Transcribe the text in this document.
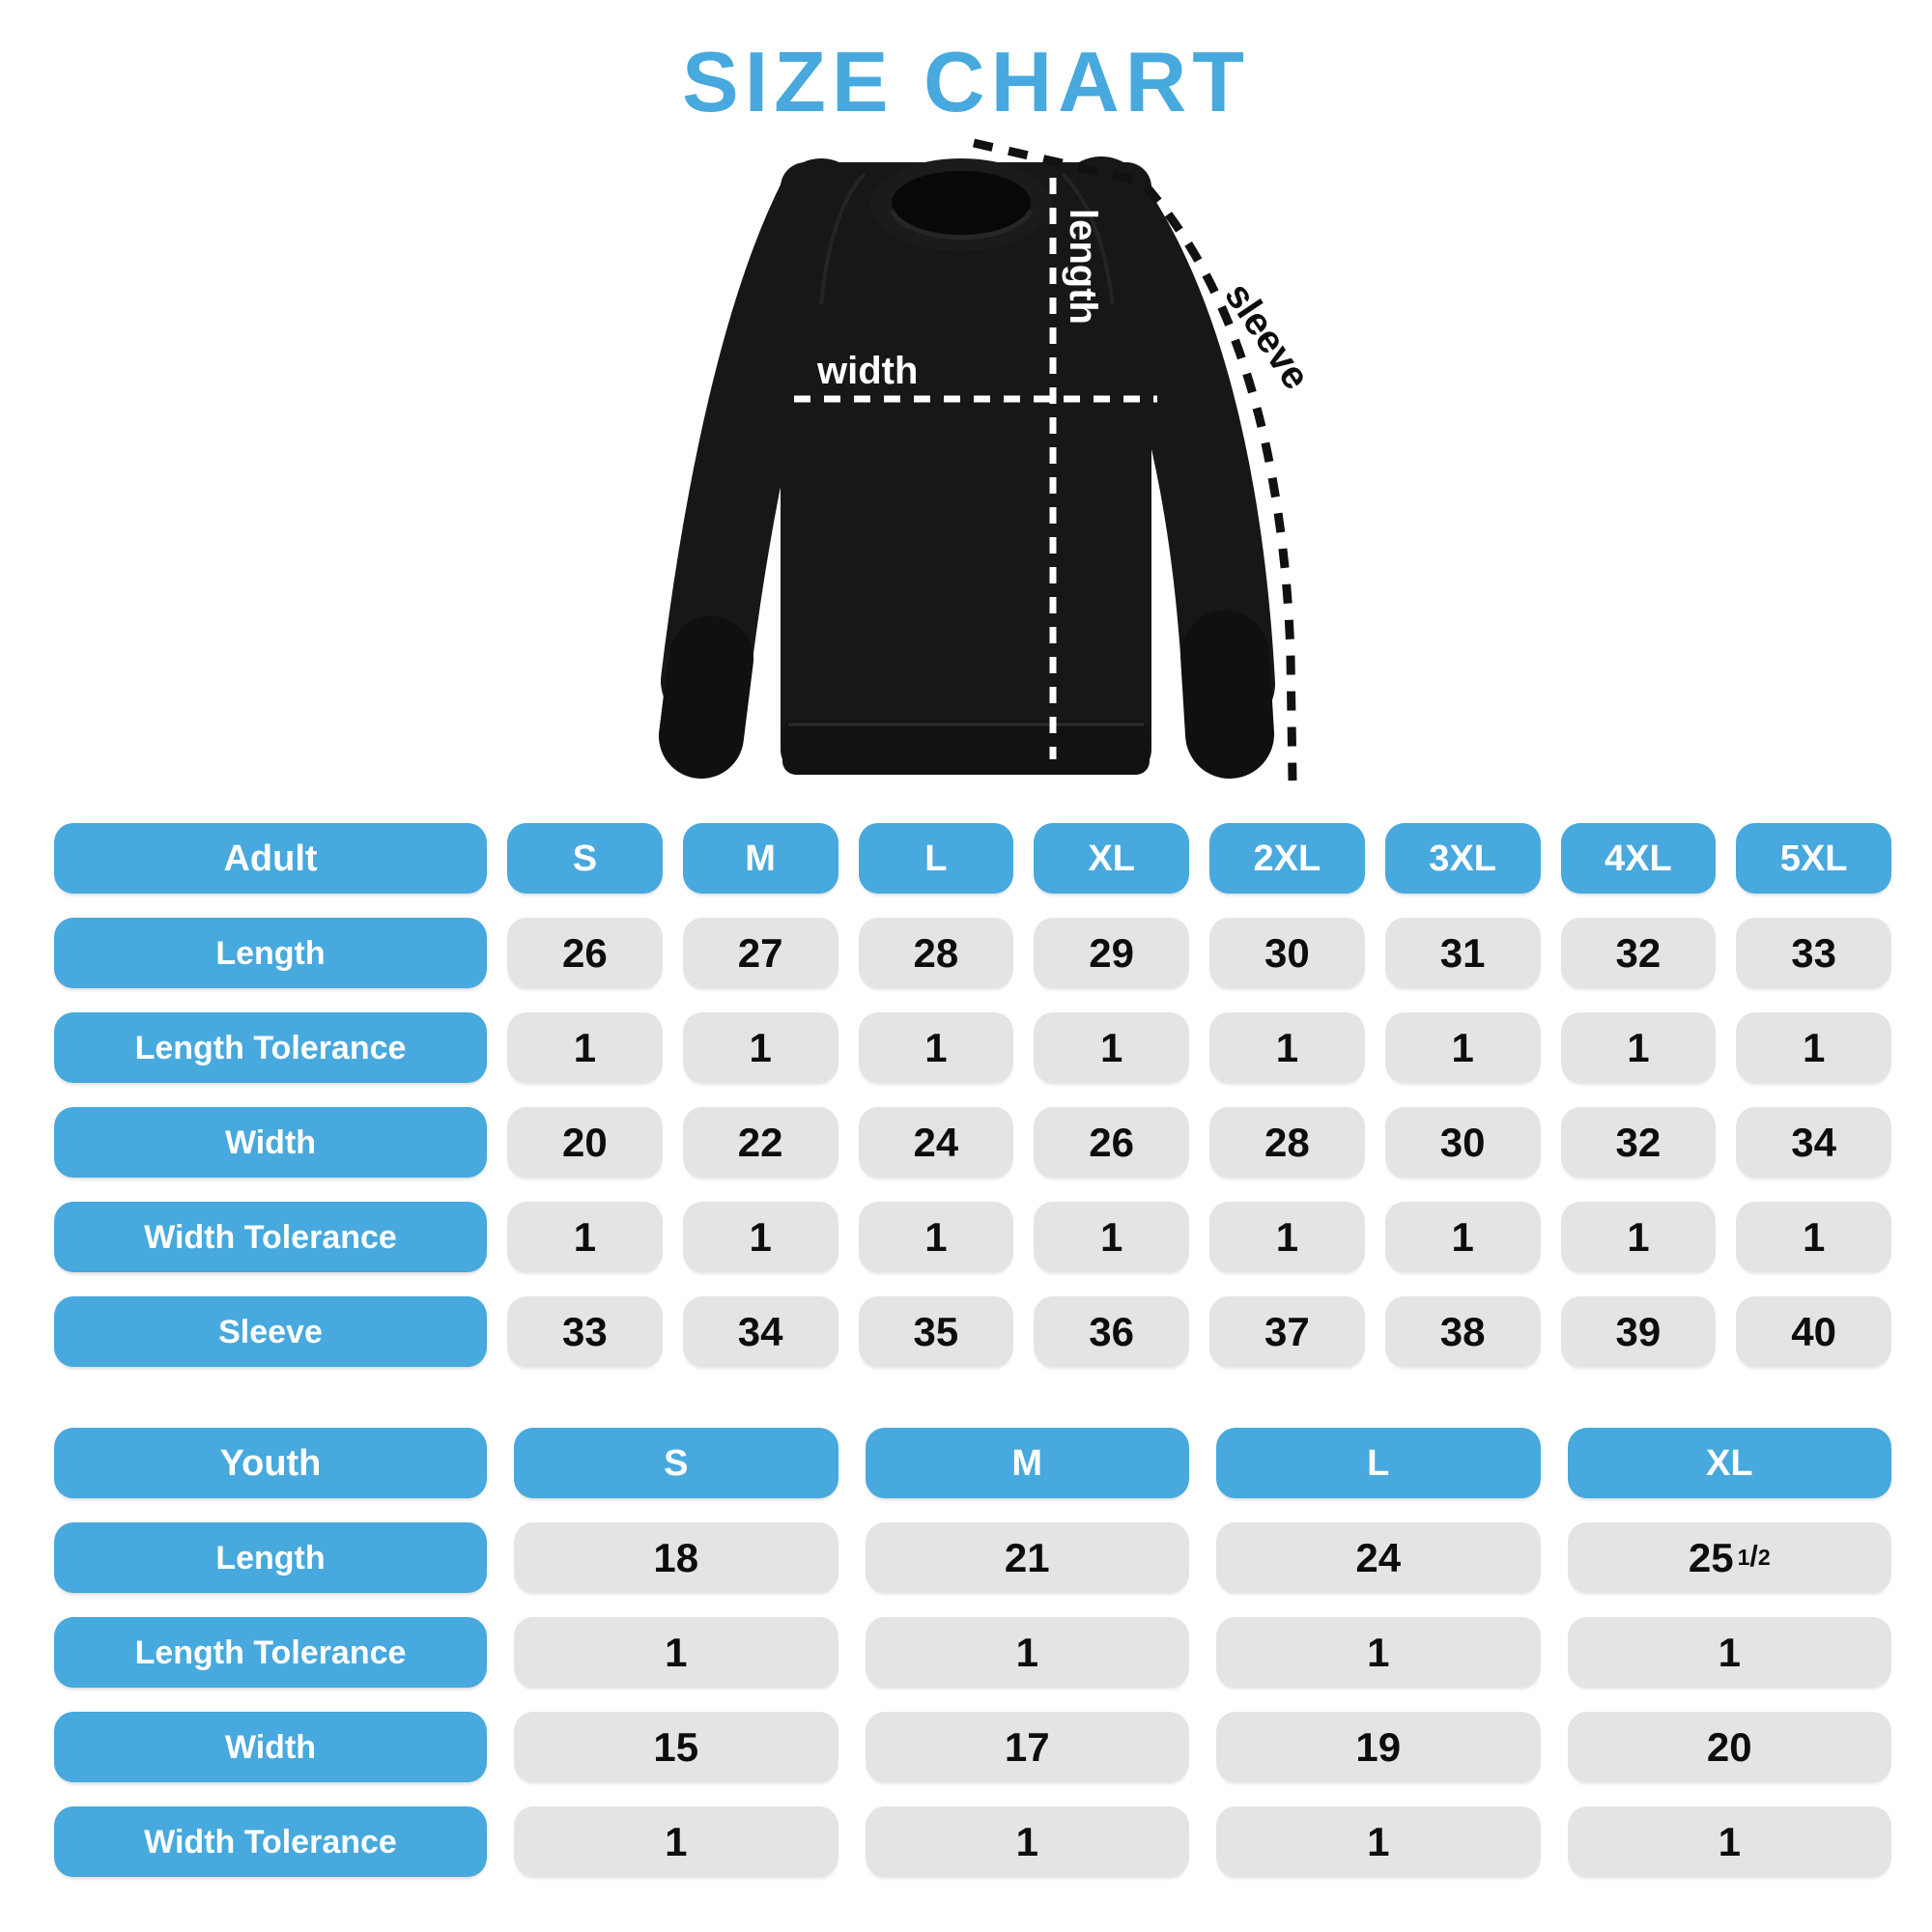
SIZE CHART
length
width	sleeve
Adult	S	M	L	XL	2XL	3XL	4XL	5XL
Length	26	27	28	29	30	31	32	33
Length Tolerance	1	1	1	1	1	1	1	1
Width	20	22	24	26	28	30	32	34
Width Tolerance	1	1	1	1	1	1	1	1
Sleeve	33	34	35	36	37	38	39	40
Youth	S	M	L	XL
Length	18	21	24	25 1 / 2
Length Tolerance	1	1	1	1
Width	15	17	19	20
Width Tolerance	1	1	1	1
